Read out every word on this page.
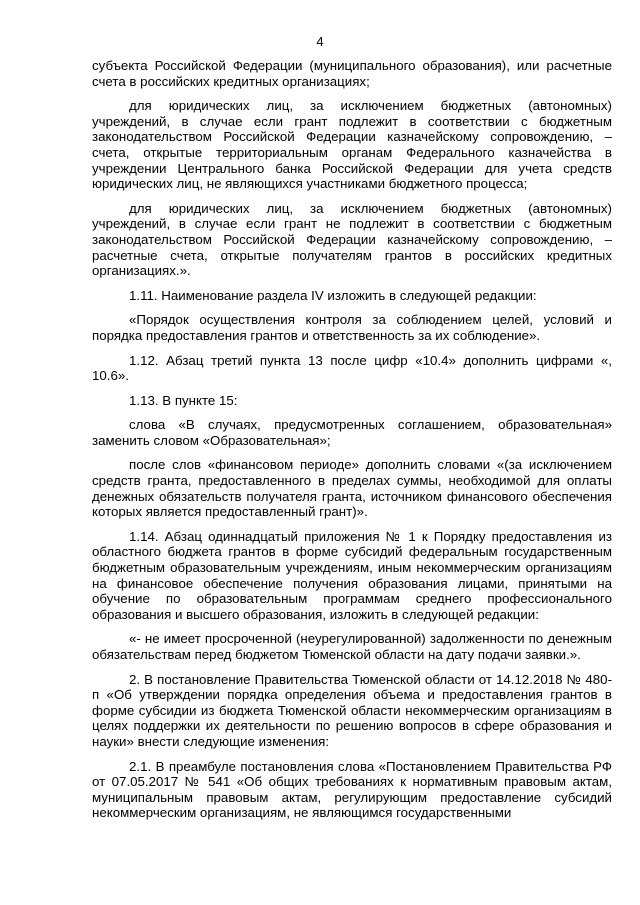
4

субъекта Российской Федерации (муниципального образования), или расчетные счета в российских кредитных организациях;

для юридических лиц, за исключением бюджетных (автономных) учреждений, в случае если грант подлежит в соответствии с бюджетным законодательством Российской Федерации казначейскому сопровождению, – счета, открытые территориальным органам Федерального казначейства в учреждении Центрального банка Российской Федерации для учета средств юридических лиц, не являющихся участниками бюджетного процесса;

для юридических лиц, за исключением бюджетных (автономных) учреждений, в случае если грант не подлежит в соответствии с бюджетным законодательством Российской Федерации казначейскому сопровождению, – расчетные счета, открытые получателям грантов в российских кредитных организациях.».

1.11. Наименование раздела IV изложить в следующей редакции:

«Порядок осуществления контроля за соблюдением целей, условий и порядка предоставления грантов и ответственность за их соблюдение».

1.12. Абзац третий пункта 13 после цифр «10.4» дополнить цифрами «, 10.6».

1.13. В пункте 15:

слова «В случаях, предусмотренных соглашением, образовательная» заменить словом «Образовательная»;

после слов «финансовом периоде» дополнить словами «(за исключением средств гранта, предоставленного в пределах суммы, необходимой для оплаты денежных обязательств получателя гранта, источником финансового обеспечения которых является предоставленный грант)».

1.14. Абзац одиннадцатый приложения № 1 к Порядку предоставления из областного бюджета грантов в форме субсидий федеральным государственным бюджетным образовательным учреждениям, иным некоммерческим организациям на финансовое обеспечение получения образования лицами, принятыми на обучение по образовательным программам среднего профессионального образования и высшего образования, изложить в следующей редакции:

«- не имеет просроченной (неурегулированной) задолженности по денежным обязательствам перед бюджетом Тюменской области на дату подачи заявки.».

2. В постановление Правительства Тюменской области от 14.12.2018 № 480-п «Об утверждении порядка определения объема и предоставления грантов в форме субсидии из бюджета Тюменской области некоммерческим организациям в целях поддержки их деятельности по решению вопросов в сфере образования и науки» внести следующие изменения:

2.1. В преамбуле постановления слова «Постановлением Правительства РФ от 07.05.2017 № 541 «Об общих требованиях к нормативным правовым актам, муниципальным правовым актам, регулирующим предоставление субсидий некоммерческим организациям, не являющимся государственными
